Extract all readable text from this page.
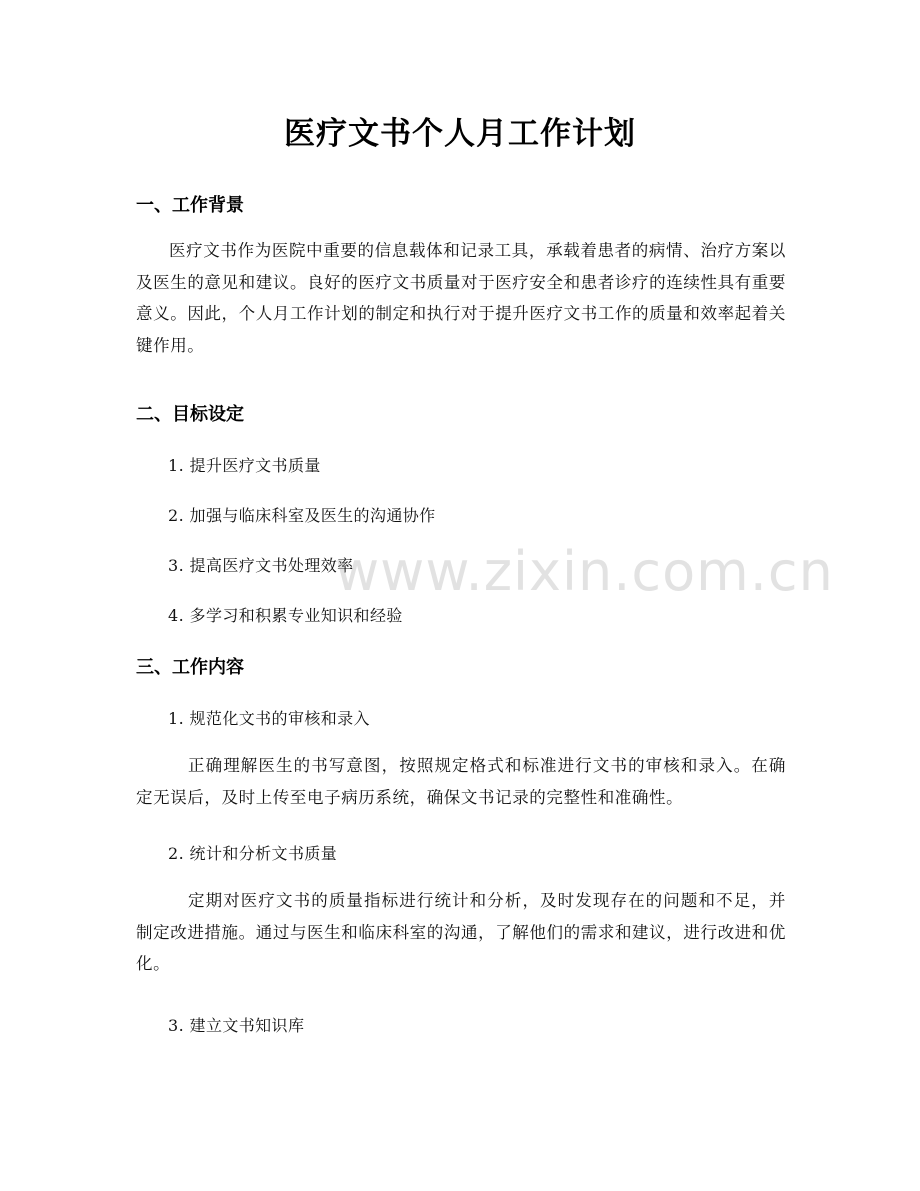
医疗文书个人月工作计划
一、工作背景

医疗文书作为医院中重要的信息载体和记录工具，承载着患者的病情、治疗方案以及医生的意见和建议。良好的医疗文书质量对于医疗安全和患者诊疗的连续性具有重要意义。因此，个人月工作计划的制定和执行对于提升医疗文书工作的质量和效率起着关键作用。

二、目标设定
1. 提升医疗文书质量
2. 加强与临床科室及医生的沟通协作
3. 提高医疗文书处理效率
4. 多学习和积累专业知识和经验
三、工作内容
1. 规范化文书的审核和录入

正确理解医生的书写意图，按照规定格式和标准进行文书的审核和录入。在确定无误后，及时上传至电子病历系统，确保文书记录的完整性和准确性。

2. 统计和分析文书质量

定期对医疗文书的质量指标进行统计和分析，及时发现存在的问题和不足，并制定改进措施。通过与医生和临床科室的沟通，了解他们的需求和建议，进行改进和优化。

3. 建立文书知识库
www.zixin.com.cn
